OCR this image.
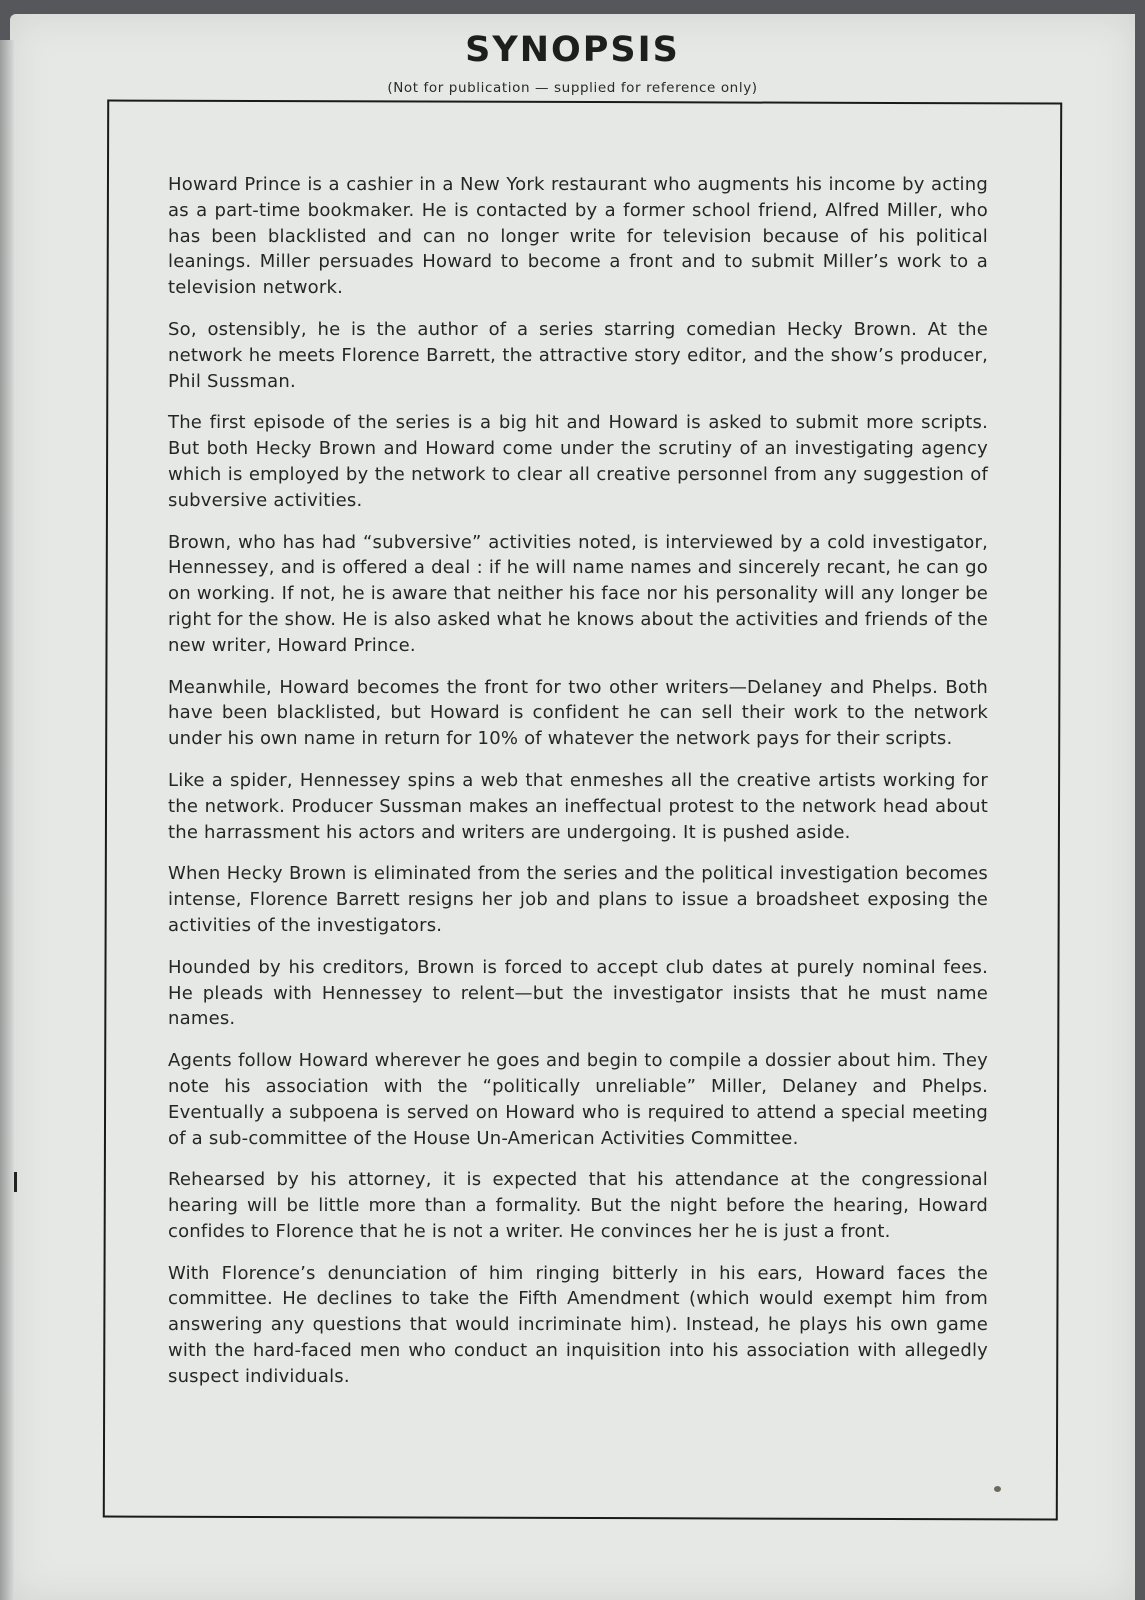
SYNOPSIS
(Not for publication — supplied for reference only)

Howard Prince is a cashier in a New York restaurant who augments his income by acting as a part-time bookmaker. He is contacted by a former school friend, Alfred Miller, who has been blacklisted and can no longer write for television because of his political leanings. Miller persuades Howard to become a front and to submit Miller’s work to a television network.

So, ostensibly, he is the author of a series starring comedian Hecky Brown. At the network he meets Florence Barrett, the attractive story editor, and the show’s producer, Phil Sussman.

The first episode of the series is a big hit and Howard is asked to submit more scripts. But both Hecky Brown and Howard come under the scrutiny of an investigating agency which is employed by the network to clear all creative personnel from any suggestion of subversive activities.

Brown, who has had “subversive” activities noted, is interviewed by a cold investigator, Hennessey, and is offered a deal : if he will name names and sincerely recant, he can go on working. If not, he is aware that neither his face nor his personality will any longer be right for the show. He is also asked what he knows about the activities and friends of the new writer, Howard Prince.

Meanwhile, Howard becomes the front for two other writers—Delaney and Phelps. Both have been blacklisted, but Howard is confident he can sell their work to the network under his own name in return for 10% of whatever the network pays for their scripts.

Like a spider, Hennessey spins a web that enmeshes all the creative artists working for the network. Producer Sussman makes an ineffectual protest to the network head about the harrassment his actors and writers are undergoing. It is pushed aside.

When Hecky Brown is eliminated from the series and the political investigation becomes intense, Florence Barrett resigns her job and plans to issue a broadsheet exposing the activities of the investigators.

Hounded by his creditors, Brown is forced to accept club dates at purely nominal fees. He pleads with Hennessey to relent—but the investigator insists that he must name names.

Agents follow Howard wherever he goes and begin to compile a dossier about him. They note his association with the “politically unreliable” Miller, Delaney and Phelps. Eventually a subpoena is served on Howard who is required to attend a special meeting of a sub-committee of the House Un-American Activities Committee.

Rehearsed by his attorney, it is expected that his attendance at the congressional hearing will be little more than a formality. But the night before the hearing, Howard confides to Florence that he is not a writer. He convinces her he is just a front.

With Florence’s denunciation of him ringing bitterly in his ears, Howard faces the committee. He declines to take the Fifth Amendment (which would exempt him from answering any questions that would incriminate him). Instead, he plays his own game with the hard-faced men who conduct an inquisition into his association with allegedly suspect individuals.
